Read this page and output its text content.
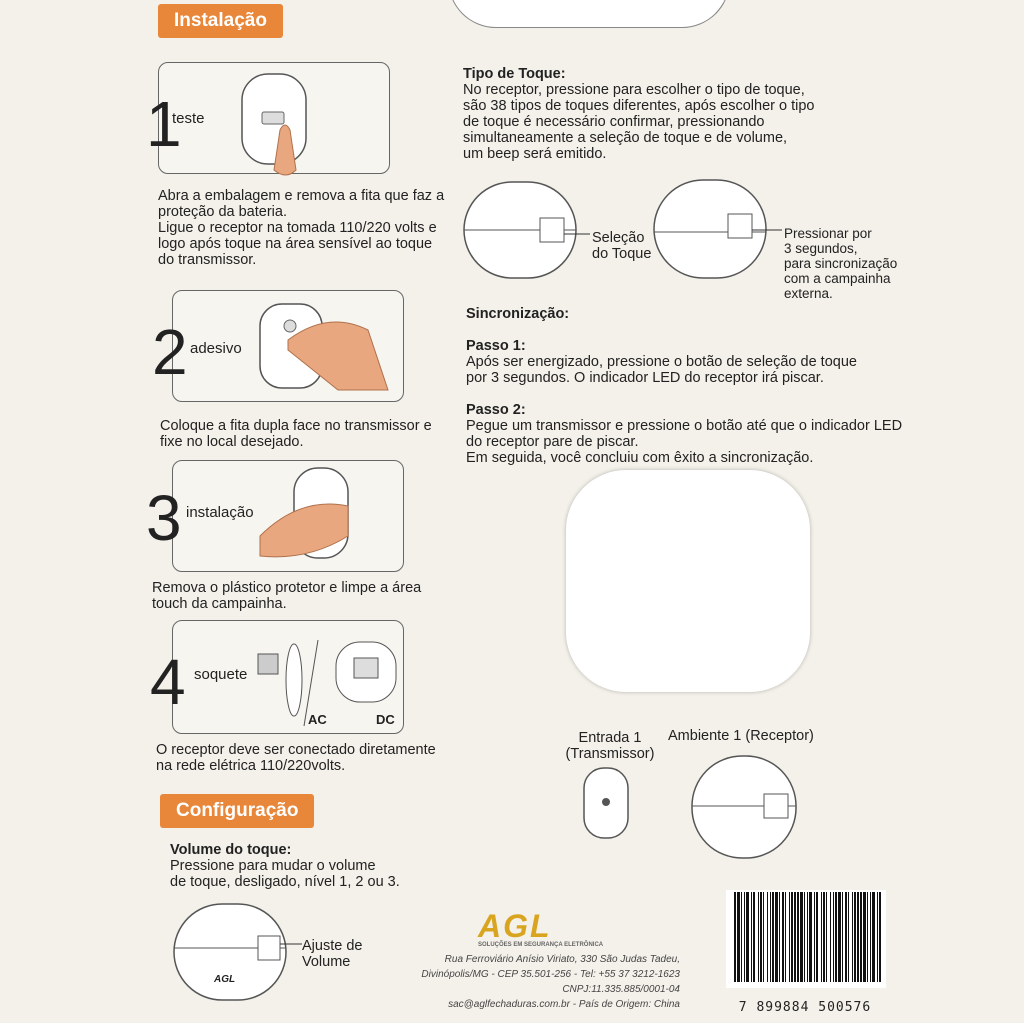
Instalação
1
teste
Abra a embalagem e remova a fita que faz a
proteção da bateria.
Ligue o receptor na tomada 110/220 volts e
logo após toque na área sensível ao toque
do transmissor.
2 adesivo
Coloque a fita dupla face no transmissor e
fixe no local desejado.
3 instalação
Remova o plástico protetor e limpe a área
touch da campainha.
4 soquete
AC	DC
O receptor deve ser conectado diretamente
na rede elétrica 110/220volts.
Configuração
Volume do toque:
Pressione para mudar o volume
de toque, desligado, nível 1, 2 ou 3.
AGL
Ajuste de
Volume
Tipo de Toque:
No receptor, pressione para escolher o tipo de toque,
são 38 tipos de toques diferentes, após escolher o tipo
de toque é necessário confirmar, pressionando
simultaneamente a seleção de toque e de volume,
um beep será emitido.
Seleção
do Toque
Pressionar por
3 segundos,
para sincronização
com a campainha
externa.
Sincronização:
Passo 1:
Após ser energizado, pressione o botão de seleção de toque
por 3 segundos. O indicador LED do receptor irá piscar.
Passo 2:
Pegue um transmissor e pressione o botão até que o indicador LED
do receptor pare de piscar.
Em seguida, você concluiu com êxito a sincronização.
Entrada 1
(Transmissor)
Ambiente 1 (Receptor)
AGL
SOLUÇÕES EM SEGURANÇA ELETRÔNICA
Rua Ferroviário Anísio Viriato, 330 São Judas Tadeu,
Divinópolis/MG - CEP 35.501-256 - Tel: +55 37 3212-1623
CNPJ:11.335.885/0001-04
sac@aglfechaduras.com.br - País de Origem: China	7 899884 500576
